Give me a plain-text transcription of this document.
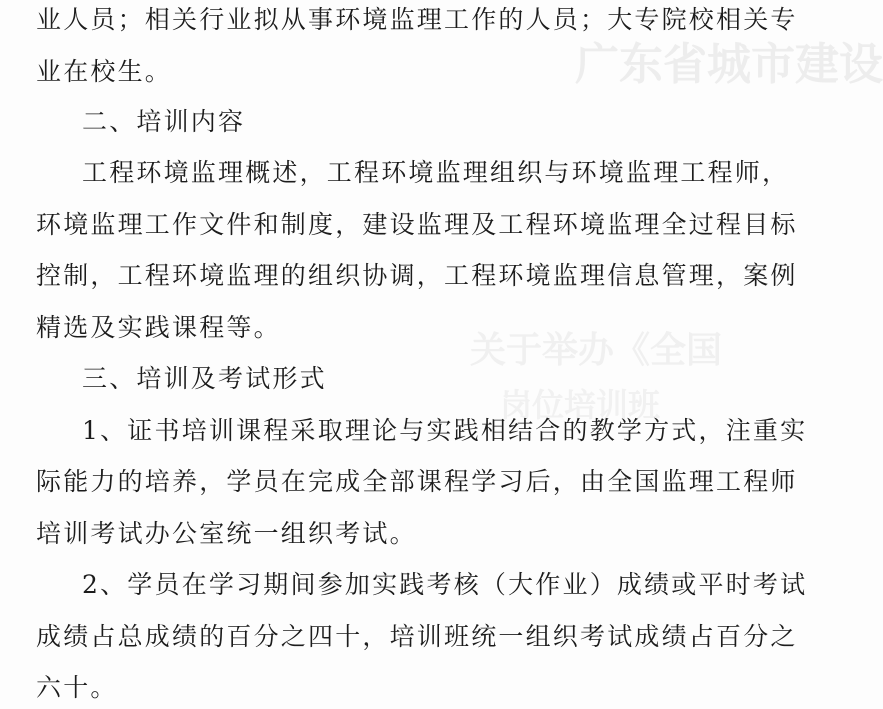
广东省城市建设
关于举办《全国
岗位培训班
业人员；相关行业拟从事环境监理工作的人员；大专院校相关专
业在校生。
二、培训内容
工程环境监理概述，工程环境监理组织与环境监理工程师，
环境监理工作文件和制度，建设监理及工程环境监理全过程目标
控制，工程环境监理的组织协调，工程环境监理信息管理，案例
精选及实践课程等。
三、培训及考试形式
1、证书培训课程采取理论与实践相结合的教学方式，注重实
际能力的培养，学员在完成全部课程学习后，由全国监理工程师
培训考试办公室统一组织考试。
2、学员在学习期间参加实践考核（大作业）成绩或平时考试
成绩占总成绩的百分之四十，培训班统一组织考试成绩占百分之
六十。
